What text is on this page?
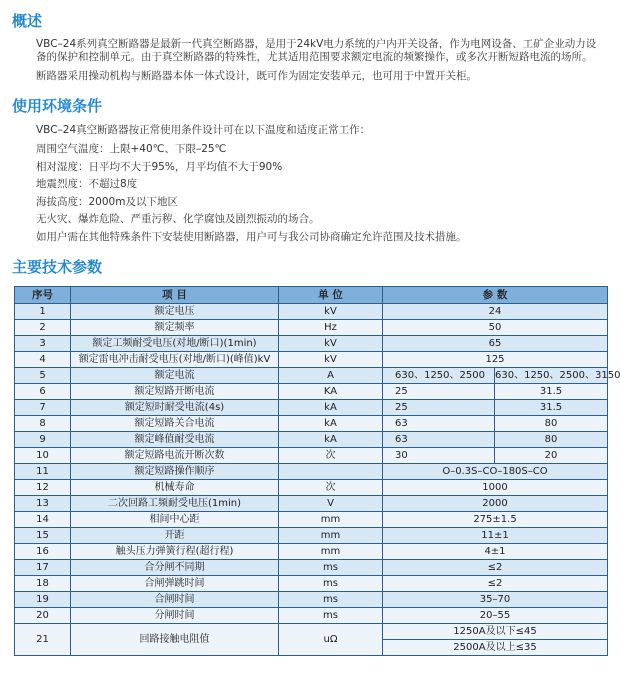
概述

VBC–24系列真空断路器是最新一代真空断路器，是用于24kV电力系统的户内开关设备，作为电网设备、工矿企业动力设备的保护和控制单元。由于真空断路器的特殊性，尤其适用范围要求额定电流的频繁操作，或多次开断短路电流的场所。

断路器采用操动机构与断路器本体一体式设计，既可作为固定安装单元，也可用于中置开关柜。

使用环境条件

VBC–24真空断路器按正常使用条件设计可在以下温度和适度正常工作：

周围空气温度：上限+40℃、下限–25℃

相对湿度：日平均不大于95%，月平均值不大于90%

地震烈度：不超过8度

海拔高度：2000m及以下地区

无火灾、爆炸危险、严重污秽、化学腐蚀及剧烈振动的场合。

如用户需在其他特殊条件下安装使用断路器，用户可与我公司协商确定允许范围及技术措施。

主要技术参数
序号	项 目	单 位	参 数	
1	额定电压	kV	24	
2	额定频率	Hz	50	
3	额定工频耐受电压(对地/断口)(1min)	kV	65	
4	额定雷电冲击耐受电压(对地/断口)(峰值)kV	kV	125	
5	额定电流	A	630、1250、2500	630、1250、2500、3150
6	额定短路开断电流	KA	25	31.5
7	额定短时耐受电流(4s)	kA	25	31.5
8	额定短路关合电流	kA	63	80
9	额定峰值耐受电流	kA	63	80
10	额定短路电流开断次数	次	30	20
11	额定短路操作顺序		O–0.3S–CO–180S–CO	
12	机械寿命	次	1000	
13	二次回路工频耐受电压(1min)	V	2000	
14	相间中心距	mm	275±1.5	
15	开距	mm	11±1	
16	触头压力弹簧行程(超行程)	mm	4±1	
17	合分闸不同期	ms	≤2	
18	合闸弹跳时间	ms	≤2	
19	合闸时间	ms	35–70	
20	分闸时间	ms	20–55	
21	回路接触电阻值	uΩ	1250A及以下≤45	
			2500A及以上≤35	
